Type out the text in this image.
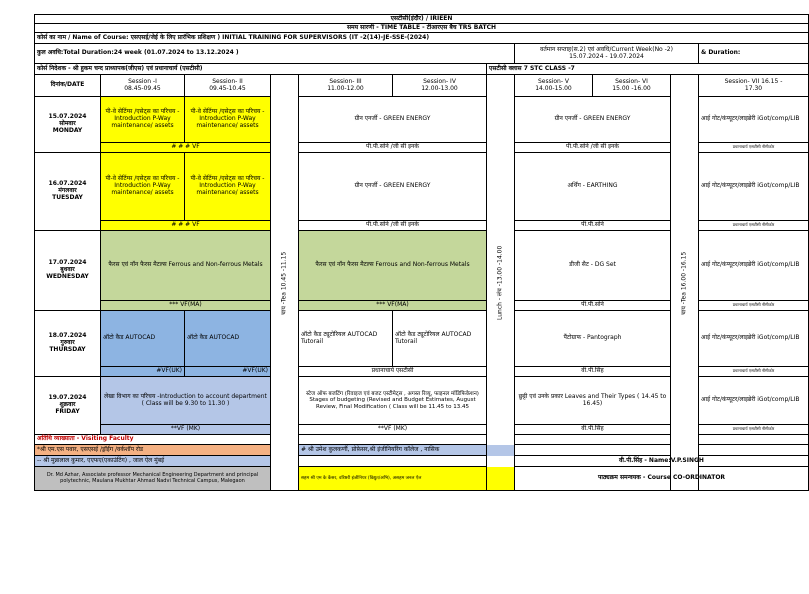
एसटीसी(इंदौर) / IRIEEN										
समय सारणी - TIME TABLE - टीआरएस बैच TRS BATCH										
कोर्स का नाम / Name of Course: एसएसई/जेई के लिए प्रारंभिक प्रशिक्षण ) INITIAL TRAINING FOR SUPERVISORS (IT -2(14)-JE-SSE-(2024)										
कुल अवधि:Total Duration:24 week (01.07.2024 to 13.12.2024 )							वर्तमान सप्ताह(स.2) एवं अवधि/Current Week(No -2)
15.07.2024 - 19.07.2024			& Duration:
कोर्स निदेशक - श्री हुकम चन्द प्राध्यापक(जीएस) एवं प्रधानाचार्य (एसटीसी)						एसटीसी क्लास 7 STC CLASS -7				
दिनांक/DATE	Session -I
08.45-09.45	Session- II
09.45-10.45	चाय -Tea 10.45 -11.15	Session- III
11.00-12.00	Session- IV
12.00-13.00	Lunch - लंच -13.00 -14.00	Session- V
14.00-15.00	Session- VI
15.00 -16.00	चाय -Tea 16.00 -16.15	Session- VII 16.15 -
17.30
15.07.2024
सोमवार
MONDAY	पी-वे सेटिंग्स /एसेट्स का परिचय -Introduction P-Way maintenance/ assets	पी-वे सेटिंग्स /एसेट्स का परिचय -Introduction P-Way maintenance/ assets		ग्रीन एनर्जी - GREEN ENERGY			ग्रीन एनर्जी - GREEN ENERGY			आई गोट/कंप्यूटर/लाइब्रेरी iGot/comp/LIB
	# # # VF			पी.पी.सोने /जी सी इनके			पी.पी.सोने /जी सी इनके			प्रधानाचार्य एसटीसी नीमीकोर
16.07.2024
मंगलवार
TUESDAY	पी-वे सेटिंग्स /एसेट्स का परिचय -Introduction P-Way maintenance/ assets	पी-वे सेटिंग्स /एसेट्स का परिचय -Introduction P-Way maintenance/ assets		ग्रीन एनर्जी - GREEN ENERGY			अर्थिंग - EARTHING			आई गोट/कंप्यूटर/लाइब्रेरी iGot/comp/LIB
	# # # VF			पी.पी.सोने /जी सी इनके			पी.पी.सोने			प्रधानाचार्य एसटीसी नीमीकोर
17.07.2024
बुधवार
WEDNESDAY	फैरस एवं नॉन फैरस मैटल्स Ferrous and Non-ferrous Metals			फैरस एवं नॉन फैरस मैटल्स Ferrous and Non-ferrous Metals			डीजी सैट - DG Set			आई गोट/कंप्यूटर/लाइब्रेरी iGot/comp/LIB
	*** VF(MA)			*** VF(MA)			पी.पी.सोने			प्रधानाचार्य एसटीसी नीमीकोर
18.07.2024
गुरुवार
THURSDAY	ऑटो कैड AUTOCAD	ऑटो कैड AUTOCAD		ऑटो कैड ट्यूटोरियल AUTOCAD Tutorail	ऑटो कैड ट्यूटोरियल AUTOCAD Tutorail		पैंटोग्राफ - Pantograph			आई गोट/कंप्यूटर/लाइब्रेरी iGot/comp/LIB
	#VF(UK)	#VF(UK)		प्रधानाचार्य एसटीसी			वी.पी.सिंह			प्रधानाचार्य एसटीसी नीमीकोर
19.07.2024
शुक्रवार
FRIDAY	लेखा विभाग का परिचय -Introduction to account department ( Class will be 9.30 to 11.30 )			स्टेज ऑफ बजटिंग (रिवाइज एवं बजट एस्टीमेट्स , अगस्त रिव्यू, फाइनल मॉडिफिकेशन) Stages of budgeting (Revised and Budget Estimates, August Review, Final Modification ( Class will be 11.45 to 13.45			छुट्टी एवं उनके प्रकार Leaves and Their Types ( 14.45 to 16.45)			आई गोट/कंप्यूटर/लाइब्रेरी iGot/comp/LIB
	**VF (MK)			**VF (MK)			वी.पी.सिंह			प्रधानाचार्य एसटीसी नीमीकोर
अतिथि व्याख्याता - Visiting Faculty										
*श्री एम.एस पवार, एसएसई /ड्रॉईंग /वर्कशॉप रोड				# श्री उमेश कुलकर्णी, प्रोफ़ेसर,श्री इंजीनियरिंग कॉलेज , नासिक						
-- श्री मुन्नालाल कुमार, एएफए(एकाउंटिंग) , जाल ऐल मुंबई							वी.पी.सिंह - Name:V.P.SINGH			
Dr. Md Azhar, Associate professor Mechanical Engineering Department and principal polytechnic, Maulana Mukhtar Ahmad Nadvi Technical Campus, Malegaon				सहम श्री एम के केंसर, वरिष्ठरी इंजीनियर (विद्युत/अभि), असहम जनल ऐल			पाठ्यक्रम समन्वयक - Course CO-ORDINATOR			
